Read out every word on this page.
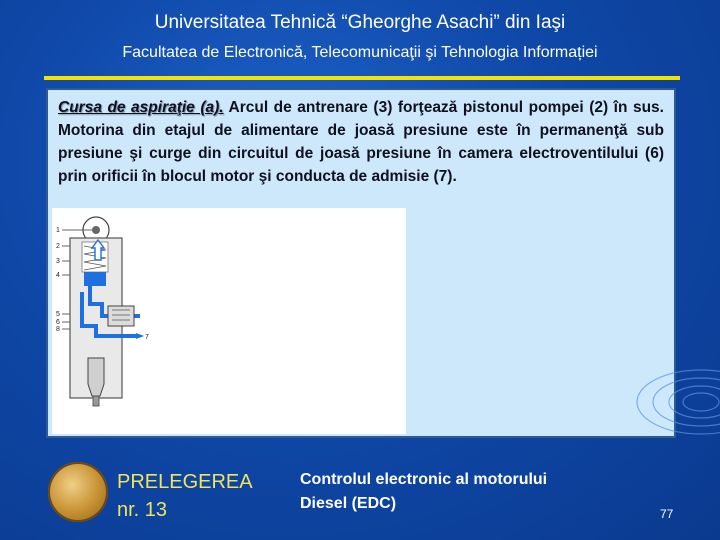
Universitatea Tehnică “Gheorghe Asachi” din Iaşi
Facultatea de Electronică, Telecomunicaţii şi Tehnologia Informației
Cursa de aspiraţie (a). Arcul de antrenare (3) forţează pistonul pompei (2) în sus. Motorina din etajul de alimentare de joasă presiune este în permanenţă sub presiune şi curge din circuitul de joasă presiune în camera electroventilului (6) prin orificii în blocul motor şi conducta de admisie (7).
1
2
3
4
5
6
7
8
PRELEGEREA
nr. 13
Controlul electronic al motorului
Diesel (EDC)
77
